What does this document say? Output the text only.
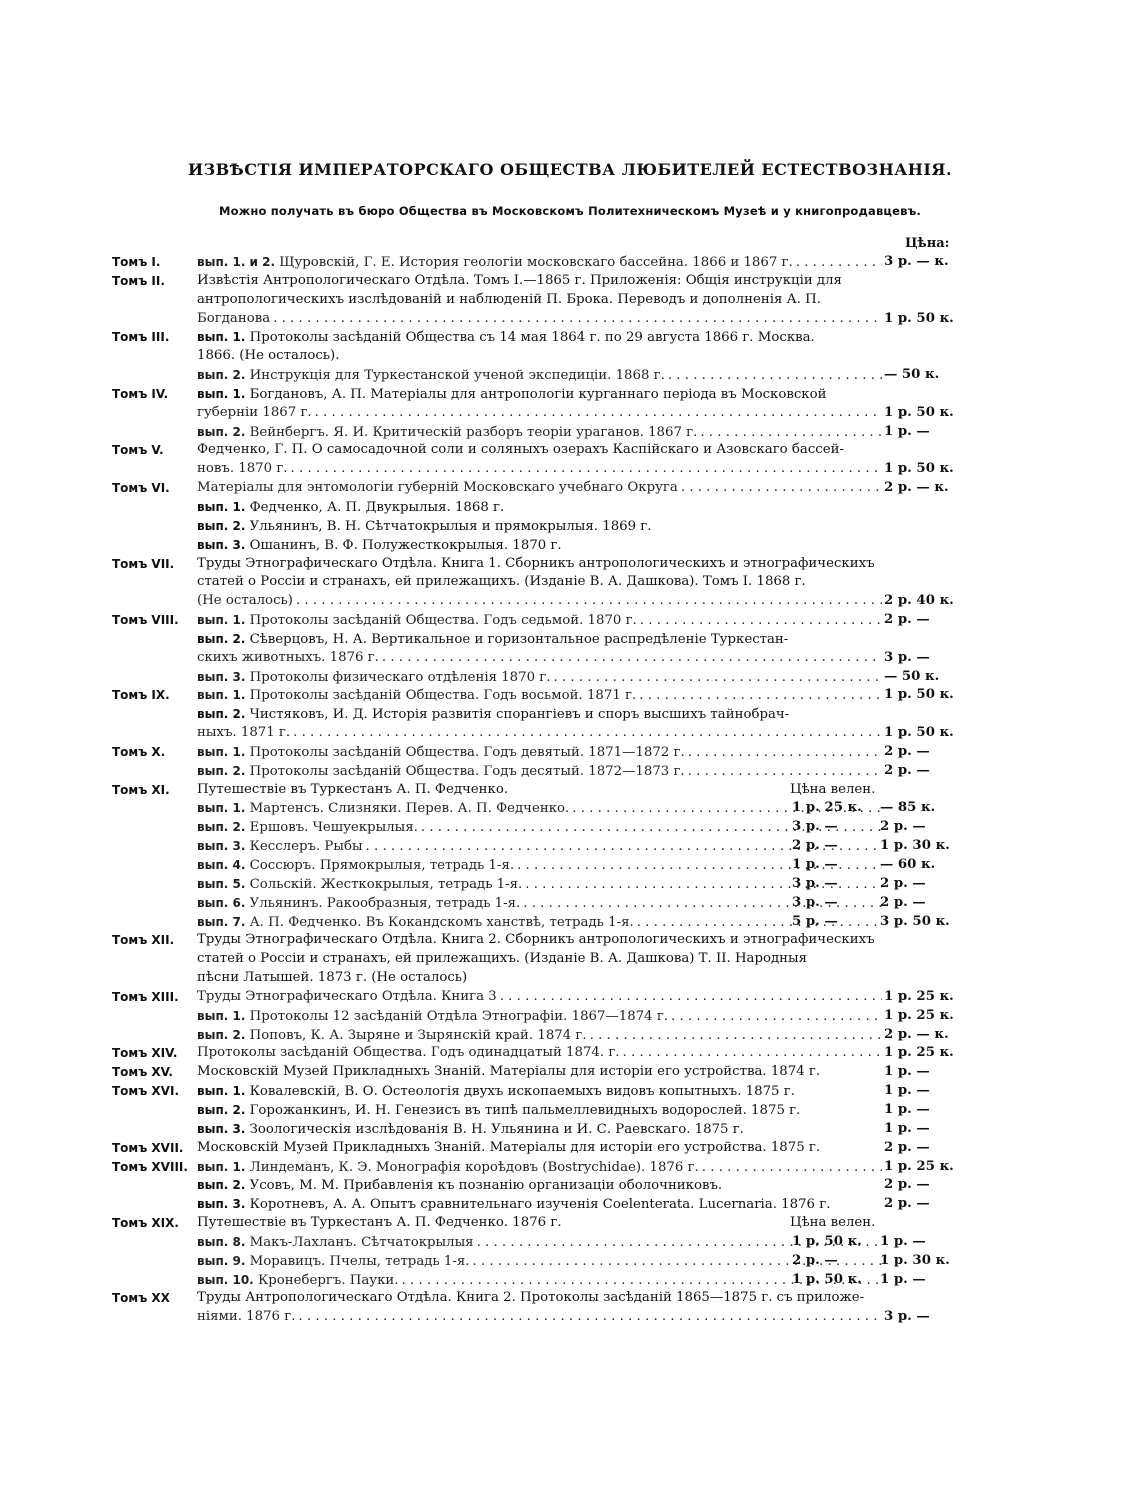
ИЗВѢСТІЯ ИМПЕРАТОРСКАГО ОБЩЕСТВА ЛЮБИТЕЛЕЙ ЕСТЕСТВОЗНАНІЯ.
Можно получать въ бюро Общества въ Московскомъ Политехническомъ Музеѣ и у книгопродавцевъ.
Цѣна:
Томъ I.	вып. 1. и 2. Щуровскій, Г. Е. История геологіи московскаго бассейна. 1866 и 1867 г. . . .	3 р. — к.
Томъ II.	Извѣстія Антропологическаго Отдѣла. Томъ I.—1865 г. Приложенія: Общія инструкціи для
антропологическихъ изслѣдованій и наблюденій П. Брока. Переводъ и дополненія А. П.
Богданова . . .	1 р. 50 к.
Томъ III.	вып. 1. Протоколы засѣданій Общества съ 14 мая 1864 г. по 29 августа 1866 г. Москва.
1866. (Не осталось).
вып. 2. Инструкція для Туркестанской ученой экспедиціи. 1868 г. . . .	— 50 к.
Томъ IV.	вып. 1. Богдановъ, А. П. Матеріалы для антропологіи курганнаго періода въ Московской
губерніи 1867 г. . . .	1 р. 50 к.
вып. 2. Вейнбергъ. Я. И. Критическій разборъ теоріи ураганов. 1867 г. . . .	1 р. —
Томъ V.	Федченко, Г. П. О самосадочной соли и соляныхъ озерахъ Каспійскаго и Азовскаго бассей-
новъ. 1870 г. . . .	1 р. 50 к.
Томъ VI.	Матеріалы для энтомологіи губерній Московскаго учебнаго Округа . . .	2 р. — к.
вып. 1. Федченко, А. П. Двукрылыя. 1868 г.
вып. 2. Ульянинъ, В. Н. Сѣтчатокрылыя и прямокрылыя. 1869 г.
вып. 3. Ошанинъ, В. Ф. Полужесткокрылыя. 1870 г.
Томъ VII.	Труды Этнографическаго Отдѣла. Книга 1. Сборникъ антропологическихъ и этнографическихъ
статей о Россіи и странахъ, ей прилежащихъ. (Изданіе В. А. Дашкова). Томъ I. 1868 г.
(Не осталось) . . .	2 р. 40 к.
Томъ VIII.	вып. 1. Протоколы засѣданій Общества. Годъ седьмой. 1870 г. . . .	2 р. —
вып. 2. Сѣверцовъ, Н. А. Вертикальное и горизонтальное распредѣленіе Туркестан-
скихъ животныхъ. 1876 г. . . .	3 р. —
вып. 3. Протоколы физическаго отдѣленія 1870 г. . . .	— 50 к.
Томъ IX.	вып. 1. Протоколы засѣданій Общества. Годъ восьмой. 1871 г. . . .	1 р. 50 к.
вып. 2. Чистяковъ, И. Д. Исторія развитія спорангіевъ и споръ высшихъ тайнобрач-
ныхъ. 1871 г. . . .	1 р. 50 к.
Томъ X.	вып. 1. Протоколы засѣданій Общества. Годъ девятый. 1871—1872 г. . . .	2 р. —
вып. 2. Протоколы засѣданій Общества. Годъ десятый. 1872—1873 г. . . .	2 р. —
Томъ XI.	Путешествіе въ Туркестанъ А. П. Федченко.	Цѣна велен.
вып. 1. Мартенсъ. Слизняки. Перев. А. П. Федченко. . . .	1 р. 25 к.	— 85 к.
вып. 2. Ершовъ. Чешуекрылыя. . . .	3 р. —	2 р. —
вып. 3. Кесслеръ. Рыбы . . .	2 р. —	1 р. 30 к.
вып. 4. Соссюръ. Прямокрылыя, тетрадь 1-я. . . .	1 р. —	— 60 к.
вып. 5. Сольскій. Жесткокрылыя, тетрадь 1-я. . . .	3 р. —	2 р. —
вып. 6. Ульянинъ. Ракообразныя, тетрадь 1-я. . . .	3 р. —	2 р. —
вып. 7. А. П. Федченко. Въ Кокандскомъ ханствѣ, тетрадь 1-я. . . .	5 р. —	3 р. 50 к.
Томъ XII.	Труды Этнографическаго Отдѣла. Книга 2. Сборникъ антропологическихъ и этнографическихъ
статей о Россіи и странахъ, ей прилежащихъ. (Изданіе В. А. Дашкова) Т. II. Народныя
пѣсни Латышей. 1873 г. (Не осталось)
Томъ XIII.	Труды Этнографическаго Отдѣла. Книга 3 . . .	1 р. 25 к.
вып. 1. Протоколы 12 засѣданій Отдѣла Этнографіи. 1867—1874 г. . . .	1 р. 25 к.
вып. 2. Поповъ, К. А. Зыряне и Зырянскій край. 1874 г. . . .	2 р. — к.
Томъ XIV.	Протоколы засѣданій Общества. Годъ одинадцатый 1874. г. . . .	1 р. 25 к.
Томъ XV.	Московскій Музей Прикладныхъ Знаній. Матеріалы для исторіи его устройства. 1874 г.	1 р. —
Томъ XVI.	вып. 1. Ковалевскій, В. О. Остеологія двухъ ископаемыхъ видовъ копытныхъ. 1875 г.	1 р. —
вып. 2. Горожанкинъ, И. Н. Генезисъ въ типѣ пальмеллевидныхъ водорослей. 1875 г.	1 р. —
вып. 3. Зоологическія изслѣдованія В. Н. Ульянина и И. С. Раевскаго. 1875 г.	1 р. —
Томъ XVII.	Московскій Музей Прикладныхъ Знаній. Матеріалы для исторіи его устройства. 1875 г.	2 р. —
Томъ XVIII. вып. 1. Линдеманъ, К. Э. Монографія короѣдовъ (Bostrychidae). 1876 г. . . .	1 р. 25 к.
вып. 2. Усовъ, М. М. Прибавленія къ познанію организаціи оболочниковъ.	2 р. —
вып. 3. Коротневъ, А. А. Опытъ сравнительнаго изученія Coelenterata. Lucernaria. 1876 г.	2 р. —
Томъ XIX.	Путешествіе въ Туркестанъ А. П. Федченко. 1876 г.	Цѣна велен.
вып. 8. Макъ-Лахланъ. Сѣтчатокрылыя . . .	1 р. 50 к.	1 р. —
вып. 9. Моравицъ. Пчелы, тетрадь 1-я. . . .	2 р. —	1 р. 30 к.
вып. 10. Кронебергъ. Пауки. . . .	1 р. 50 к.	1 р. —
Томъ XX	Труды Антропологическаго Отдѣла. Книга 2. Протоколы засѣданій 1865—1875 г. съ приложе-
ніями. 1876 г. . . .	3 р. —
